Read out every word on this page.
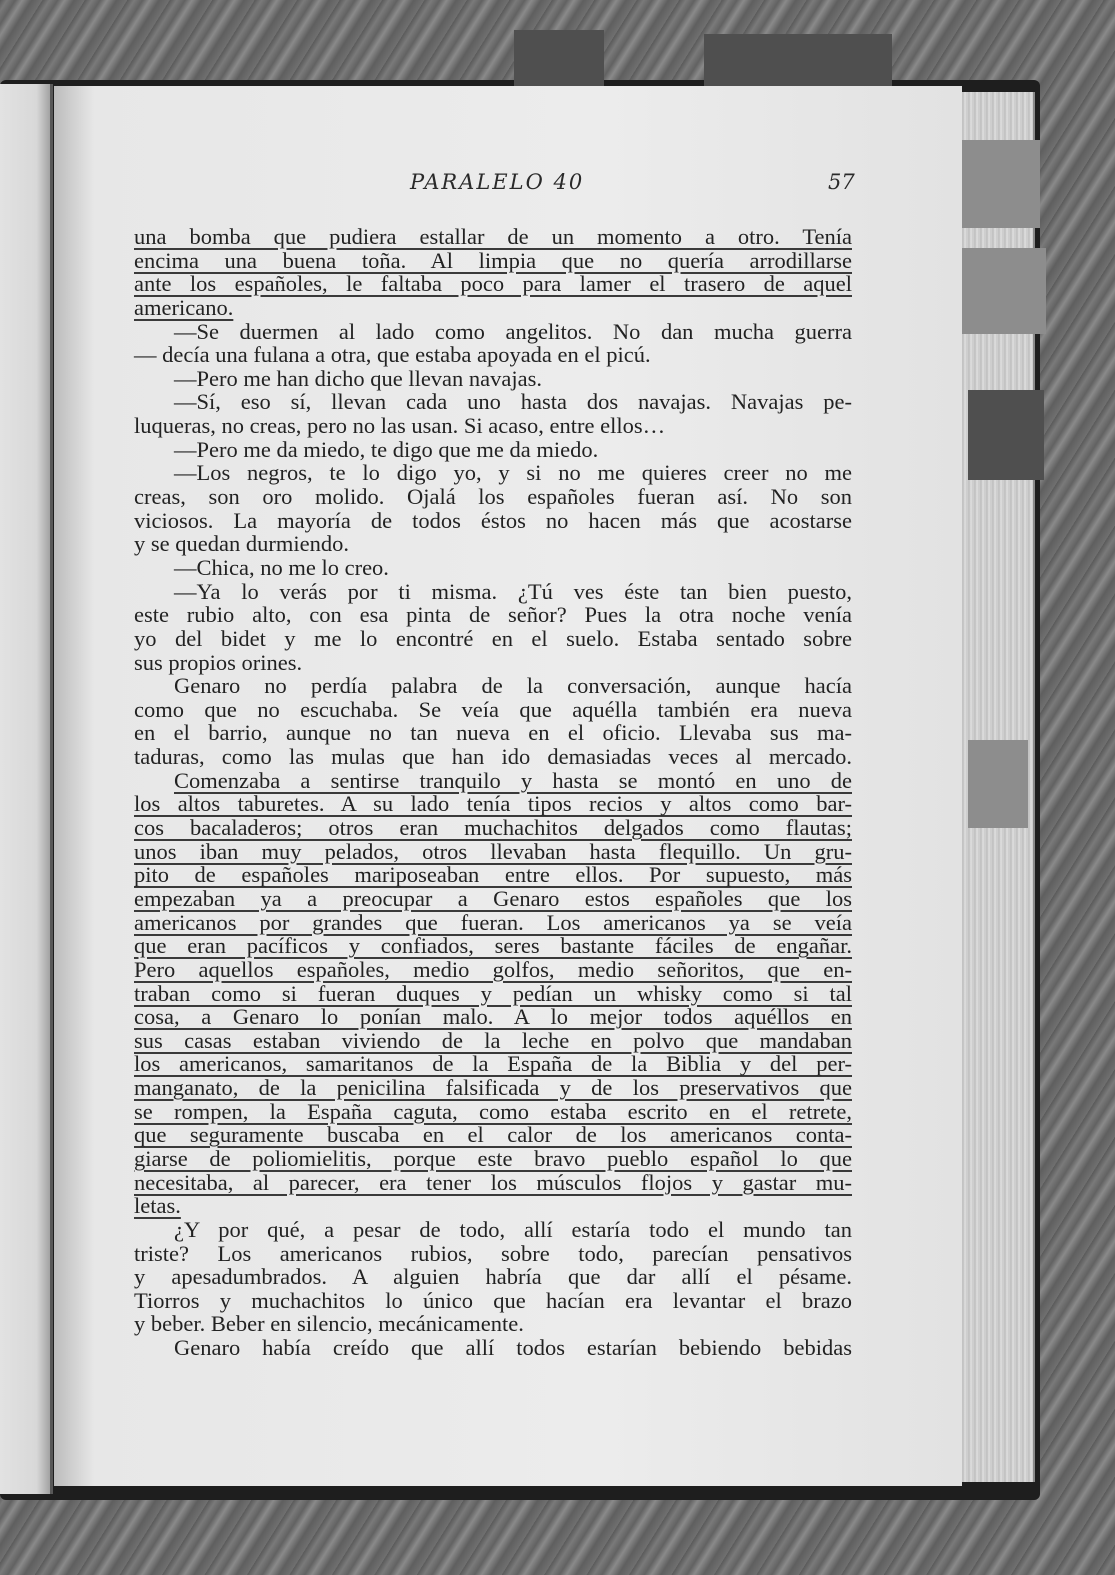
PARALELO 40	57
una bomba que pudiera estallar de un momento a otro. Tenía
encima una buena toña. Al limpia que no quería arrodillarse
ante los españoles, le faltaba poco para lamer el trasero de aquel
americano.
—Se duermen al lado como angelitos. No dan mucha guerra
— decía una fulana a otra, que estaba apoyada en el picú.
—Pero me han dicho que llevan navajas.
—Sí, eso sí, llevan cada uno hasta dos navajas. Navajas pe-
luqueras, no creas, pero no las usan. Si acaso, entre ellos…
—Pero me da miedo, te digo que me da miedo.
—Los negros, te lo digo yo, y si no me quieres creer no me
creas, son oro molido. Ojalá los españoles fueran así. No son
viciosos. La mayoría de todos éstos no hacen más que acostarse
y se quedan durmiendo.
—Chica, no me lo creo.
—Ya lo verás por ti misma. ¿Tú ves éste tan bien puesto,
este rubio alto, con esa pinta de señor? Pues la otra noche venía
yo del bidet y me lo encontré en el suelo. Estaba sentado sobre
sus propios orines.
Genaro no perdía palabra de la conversación, aunque hacía
como que no escuchaba. Se veía que aquélla también era nueva
en el barrio, aunque no tan nueva en el oficio. Llevaba sus ma-
taduras, como las mulas que han ido demasiadas veces al mercado.
Comenzaba a sentirse tranquilo y hasta se montó en uno de
los altos taburetes. A su lado tenía tipos recios y altos como bar-
cos bacaladeros; otros eran muchachitos delgados como flautas;
unos iban muy pelados, otros llevaban hasta flequillo. Un gru-
pito de españoles mariposeaban entre ellos. Por supuesto, más
empezaban ya a preocupar a Genaro estos españoles que los
americanos por grandes que fueran. Los americanos ya se veía
que eran pacíficos y confiados, seres bastante fáciles de engañar.
Pero aquellos españoles, medio golfos, medio señoritos, que en-
traban como si fueran duques y pedían un whisky como si tal
cosa, a Genaro lo ponían malo. A lo mejor todos aquéllos en
sus casas estaban viviendo de la leche en polvo que mandaban
los americanos, samaritanos de la España de la Biblia y del per-
manganato, de la penicilina falsificada y de los preservativos que
se rompen, la España caguta, como estaba escrito en el retrete,
que seguramente buscaba en el calor de los americanos conta-
giarse de poliomielitis, porque este bravo pueblo español lo que
necesitaba, al parecer, era tener los músculos flojos y gastar mu-
letas.
¿Y por qué, a pesar de todo, allí estaría todo el mundo tan
triste? Los americanos rubios, sobre todo, parecían pensativos
y apesadumbrados. A alguien habría que dar allí el pésame.
Tiorros y muchachitos lo único que hacían era levantar el brazo
y beber. Beber en silencio, mecánicamente.
Genaro había creído que allí todos estarían bebiendo bebidas
